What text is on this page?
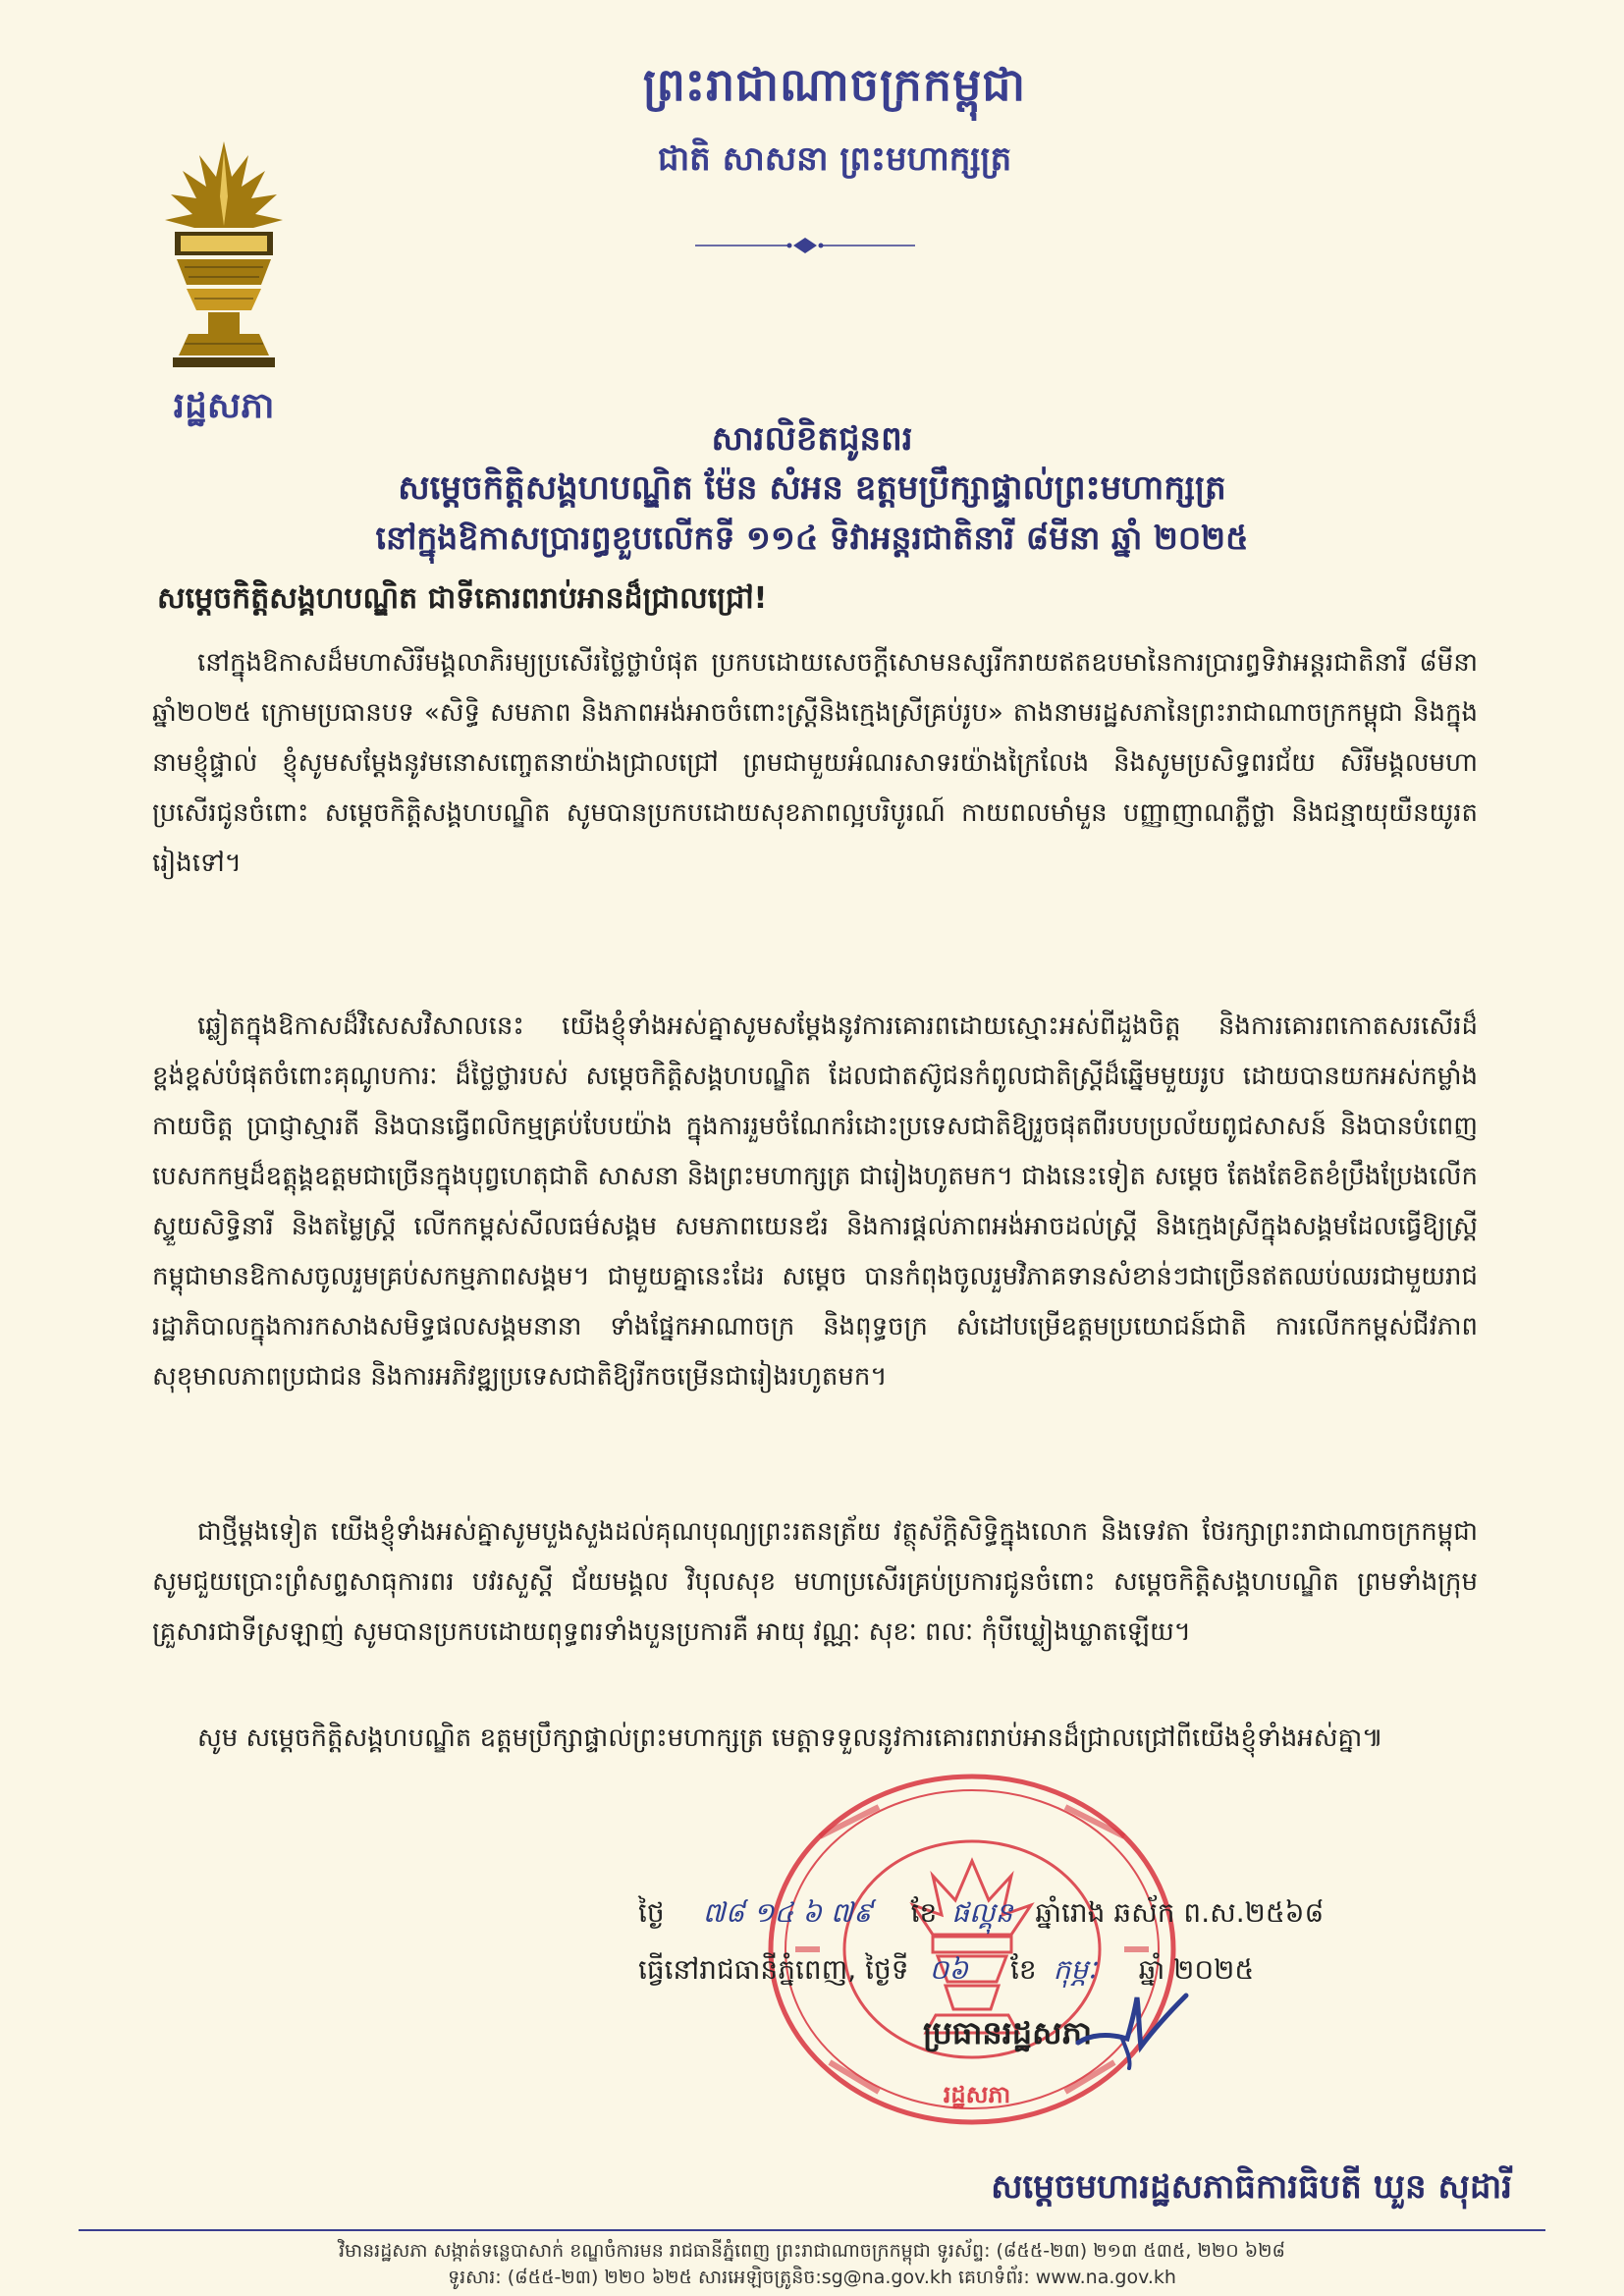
ព្រះរាជាណាចក្រកម្ពុជា
ជាតិ សាសនា ព្រះមហាក្សត្រ
រដ្ឋសភា
សារលិខិតជូនពរ
សម្តេចកិត្តិសង្គហបណ្ឌិត ម៉ែន សំអន ឧត្តមប្រឹក្សាផ្ទាល់ព្រះមហាក្សត្រ
នៅក្នុងឱកាសប្រារព្ធខួបលើកទី ១១៤ ទិវាអន្តរជាតិនារី ៨មីនា ឆ្នាំ ២០២៥
សម្តេចកិត្តិសង្គហបណ្ឌិត ជាទីគោរពរាប់អានដ៏ជ្រាលជ្រៅ!
នៅក្នុងឱកាសដ៏មហាសិរីមង្គលាភិរម្យប្រសើរថ្លៃថ្លាបំផុត ប្រកបដោយសេចក្តីសោមនស្សរីករាយឥតឧបមានៃការប្រារព្ធទិវាអន្តរជាតិនារី ៨មីនា ឆ្នាំ២០២៥ ក្រោមប្រធានបទ «សិទ្ធិ សមភាព និងភាពអង់អាចចំពោះស្ត្រីនិងក្មេងស្រីគ្រប់រូប» តាងនាមរដ្ឋសភានៃព្រះរាជាណាចក្រកម្ពុជា និងក្នុងនាមខ្ញុំផ្ទាល់ ខ្ញុំសូមសម្តែងនូវមនោសញ្ចេតនាយ៉ាងជ្រាលជ្រៅ ព្រមជាមួយអំណរសាទរយ៉ាងក្រៃលែង និងសូមប្រសិទ្ធពរជ័យ សិរីមង្គលមហាប្រសើរជូនចំពោះ សម្តេចកិត្តិសង្គហបណ្ឌិត សូមបានប្រកបដោយសុខភាពល្អបរិបូរណ៍ កាយពលមាំមួន បញ្ញាញាណភ្លឺថ្លា និងជន្មាយុយឺនយូរតរៀងទៅ។
ឆ្លៀតក្នុងឱកាសដ៏វិសេសវិសាលនេះ យើងខ្ញុំទាំងអស់គ្នាសូមសម្តែងនូវការគោរពដោយស្មោះអស់ពីដួងចិត្ត និងការគោរពកោតសរសើរដ៏ខ្ពង់ខ្ពស់បំផុតចំពោះគុណូបការៈ ដ៏ថ្លៃថ្លារបស់ សម្តេចកិត្តិសង្គហបណ្ឌិត ដែលជាតស៊ូជនកំពូលជាតិស្ត្រីដ៏ឆ្នើមមួយរូប ដោយបានយកអស់កម្លាំងកាយចិត្ត ប្រាជ្ញាស្មារតី និងបានធ្វើពលិកម្មគ្រប់បែបយ៉ាង ក្នុងការរួមចំណែករំដោះប្រទេសជាតិឱ្យរួចផុតពីរបបប្រល័យពូជសាសន៍ និងបានបំពេញបេសកកម្មដ៏ឧត្តុង្គឧត្តមជាច្រើនក្នុងបុព្វហេតុជាតិ សាសនា និងព្រះមហាក្សត្រ ជារៀងហូតមក។ ជាងនេះទៀត សម្តេច តែងតែខិតខំប្រឹងប្រែងលើកស្ទួយសិទ្ធិនារី និងតម្លៃស្ត្រី លើកកម្ពស់សីលធម៌សង្គម សមភាពយេនឌ័រ និងការផ្តល់ភាពអង់អាចដល់ស្ត្រី និងក្មេងស្រីក្នុងសង្គមដែលធ្វើឱ្យស្ត្រីកម្ពុជាមានឱកាសចូលរួមគ្រប់សកម្មភាពសង្គម។ ជាមួយគ្នានេះដែរ សម្តេច បានកំពុងចូលរួមវិភាគទានសំខាន់ៗជាច្រើនឥតឈប់ឈរជាមួយរាជរដ្ឋាភិបាលក្នុងការកសាងសមិទ្ធផលសង្គមនានា ទាំងផ្នែកអាណាចក្រ និងពុទ្ធចក្រ សំដៅបម្រើឧត្តមប្រយោជន៍ជាតិ ការលើកកម្ពស់ជីវភាព សុខុមាលភាពប្រជាជន និងការអភិវឌ្ឍប្រទេសជាតិឱ្យរីកចម្រើនជារៀងរហូតមក។
ជាថ្មីម្តងទៀត យើងខ្ញុំទាំងអស់គ្នាសូមបួងសួងដល់គុណបុណ្យព្រះរតនត្រ័យ វត្ថុស័ក្តិសិទ្ធិក្នុងលោក និងទេវតា ថែរក្សាព្រះរាជាណាចក្រកម្ពុជា សូមជួយប្រោះព្រំសព្ទសាធុការពរ បវរសួស្តី ជ័យមង្គល វិបុលសុខ មហាប្រសើរគ្រប់ប្រការជូនចំពោះ សម្តេចកិត្តិសង្គហបណ្ឌិត ព្រមទាំងក្រុមគ្រួសារជាទីស្រឡាញ់ សូមបានប្រកបដោយពុទ្ធពរទាំងបួនប្រការគឺ អាយុ វណ្ណៈ សុខៈ ពលៈ កុំបីឃ្លៀងឃ្លាតឡើយ។
សូម សម្តេចកិត្តិសង្គហបណ្ឌិត ឧត្តមប្រឹក្សាផ្ទាល់ព្រះមហាក្សត្រ មេត្តាទទួលនូវការគោរពរាប់អានដ៏ជ្រាលជ្រៅពីយើងខ្ញុំទាំងអស់គ្នា៕
រដ្ឋសភា
ថ្ងៃ ៧៨ ១៤ ៦ ៧៩ ខែ ផល្គុន ឆ្នាំរោង ឆស័ក ព.ស.២៥៦៨
ធ្វើនៅរាជធានីភ្នំពេញ, ថ្ងៃទី ០៦ ខែ កុម្ភៈ ឆ្នាំ ២០២៥
ប្រធានរដ្ឋសភា
សម្តេចមហារដ្ឋសភាធិការធិបតី ឃួន សុដារី
វិមានរដ្ឋសភា សង្កាត់ទន្លេបាសាក់ ខណ្ឌចំការមន រាជធានីភ្នំពេញ ព្រះរាជាណាចក្រកម្ពុជា ទូរស័ព្ទ: (៨៥៥-២៣) ២១៣ ៥៣៥, ២២០ ៦២៨
ទូរសារ: (៨៥៥-២៣) ២២០ ៦២៥ សារអេឡិចត្រូនិច:sg@na.gov.kh គេហទំព័រ: www.na.gov.kh
